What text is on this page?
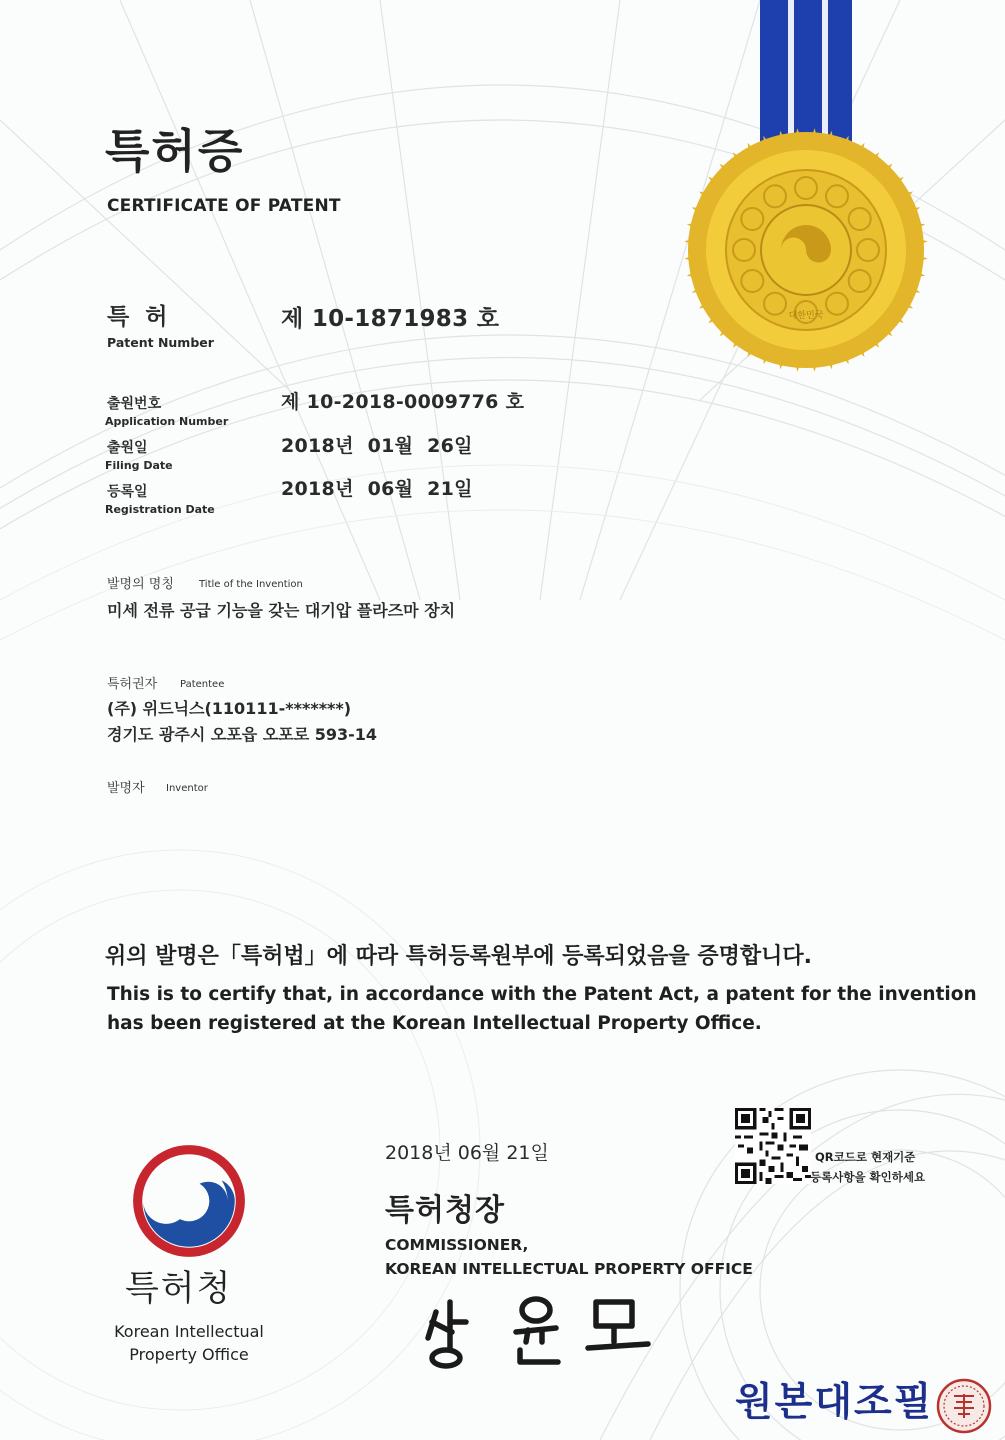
대한민국
특허증
CERTIFICATE OF PATENT
특 허
Patent Number
제 10-1871983 호
출원번호
Application Number
제 10-2018-0009776 호
출원일
Filing Date
2018년  01월  26일
등록일
Registration Date
2018년  06월  21일
발명의 명칭	Title of the Invention
미세 전류 공급 기능을 갖는 대기압 플라즈마 장치
특허권자 Patentee
(주) 위드닉스(110111-*******)
경기도 광주시 오포읍 오포로 593-14
발명자 Inventor
위의 발명은「특허법」에 따라 특허등록원부에 등록되었음을 증명합니다.
This is to certify that, in accordance with the Patent Act, a patent for the invention
has been registered at the Korean Intellectual Property Office.
특허청
Korean Intellectual
Property Office
2018년 06월 21일
특허청장
COMMISSIONER,
KOREAN INTELLECTUAL PROPERTY OFFICE
QR코드로 현재기준
등록사항을 확인하세요
원본대조필
